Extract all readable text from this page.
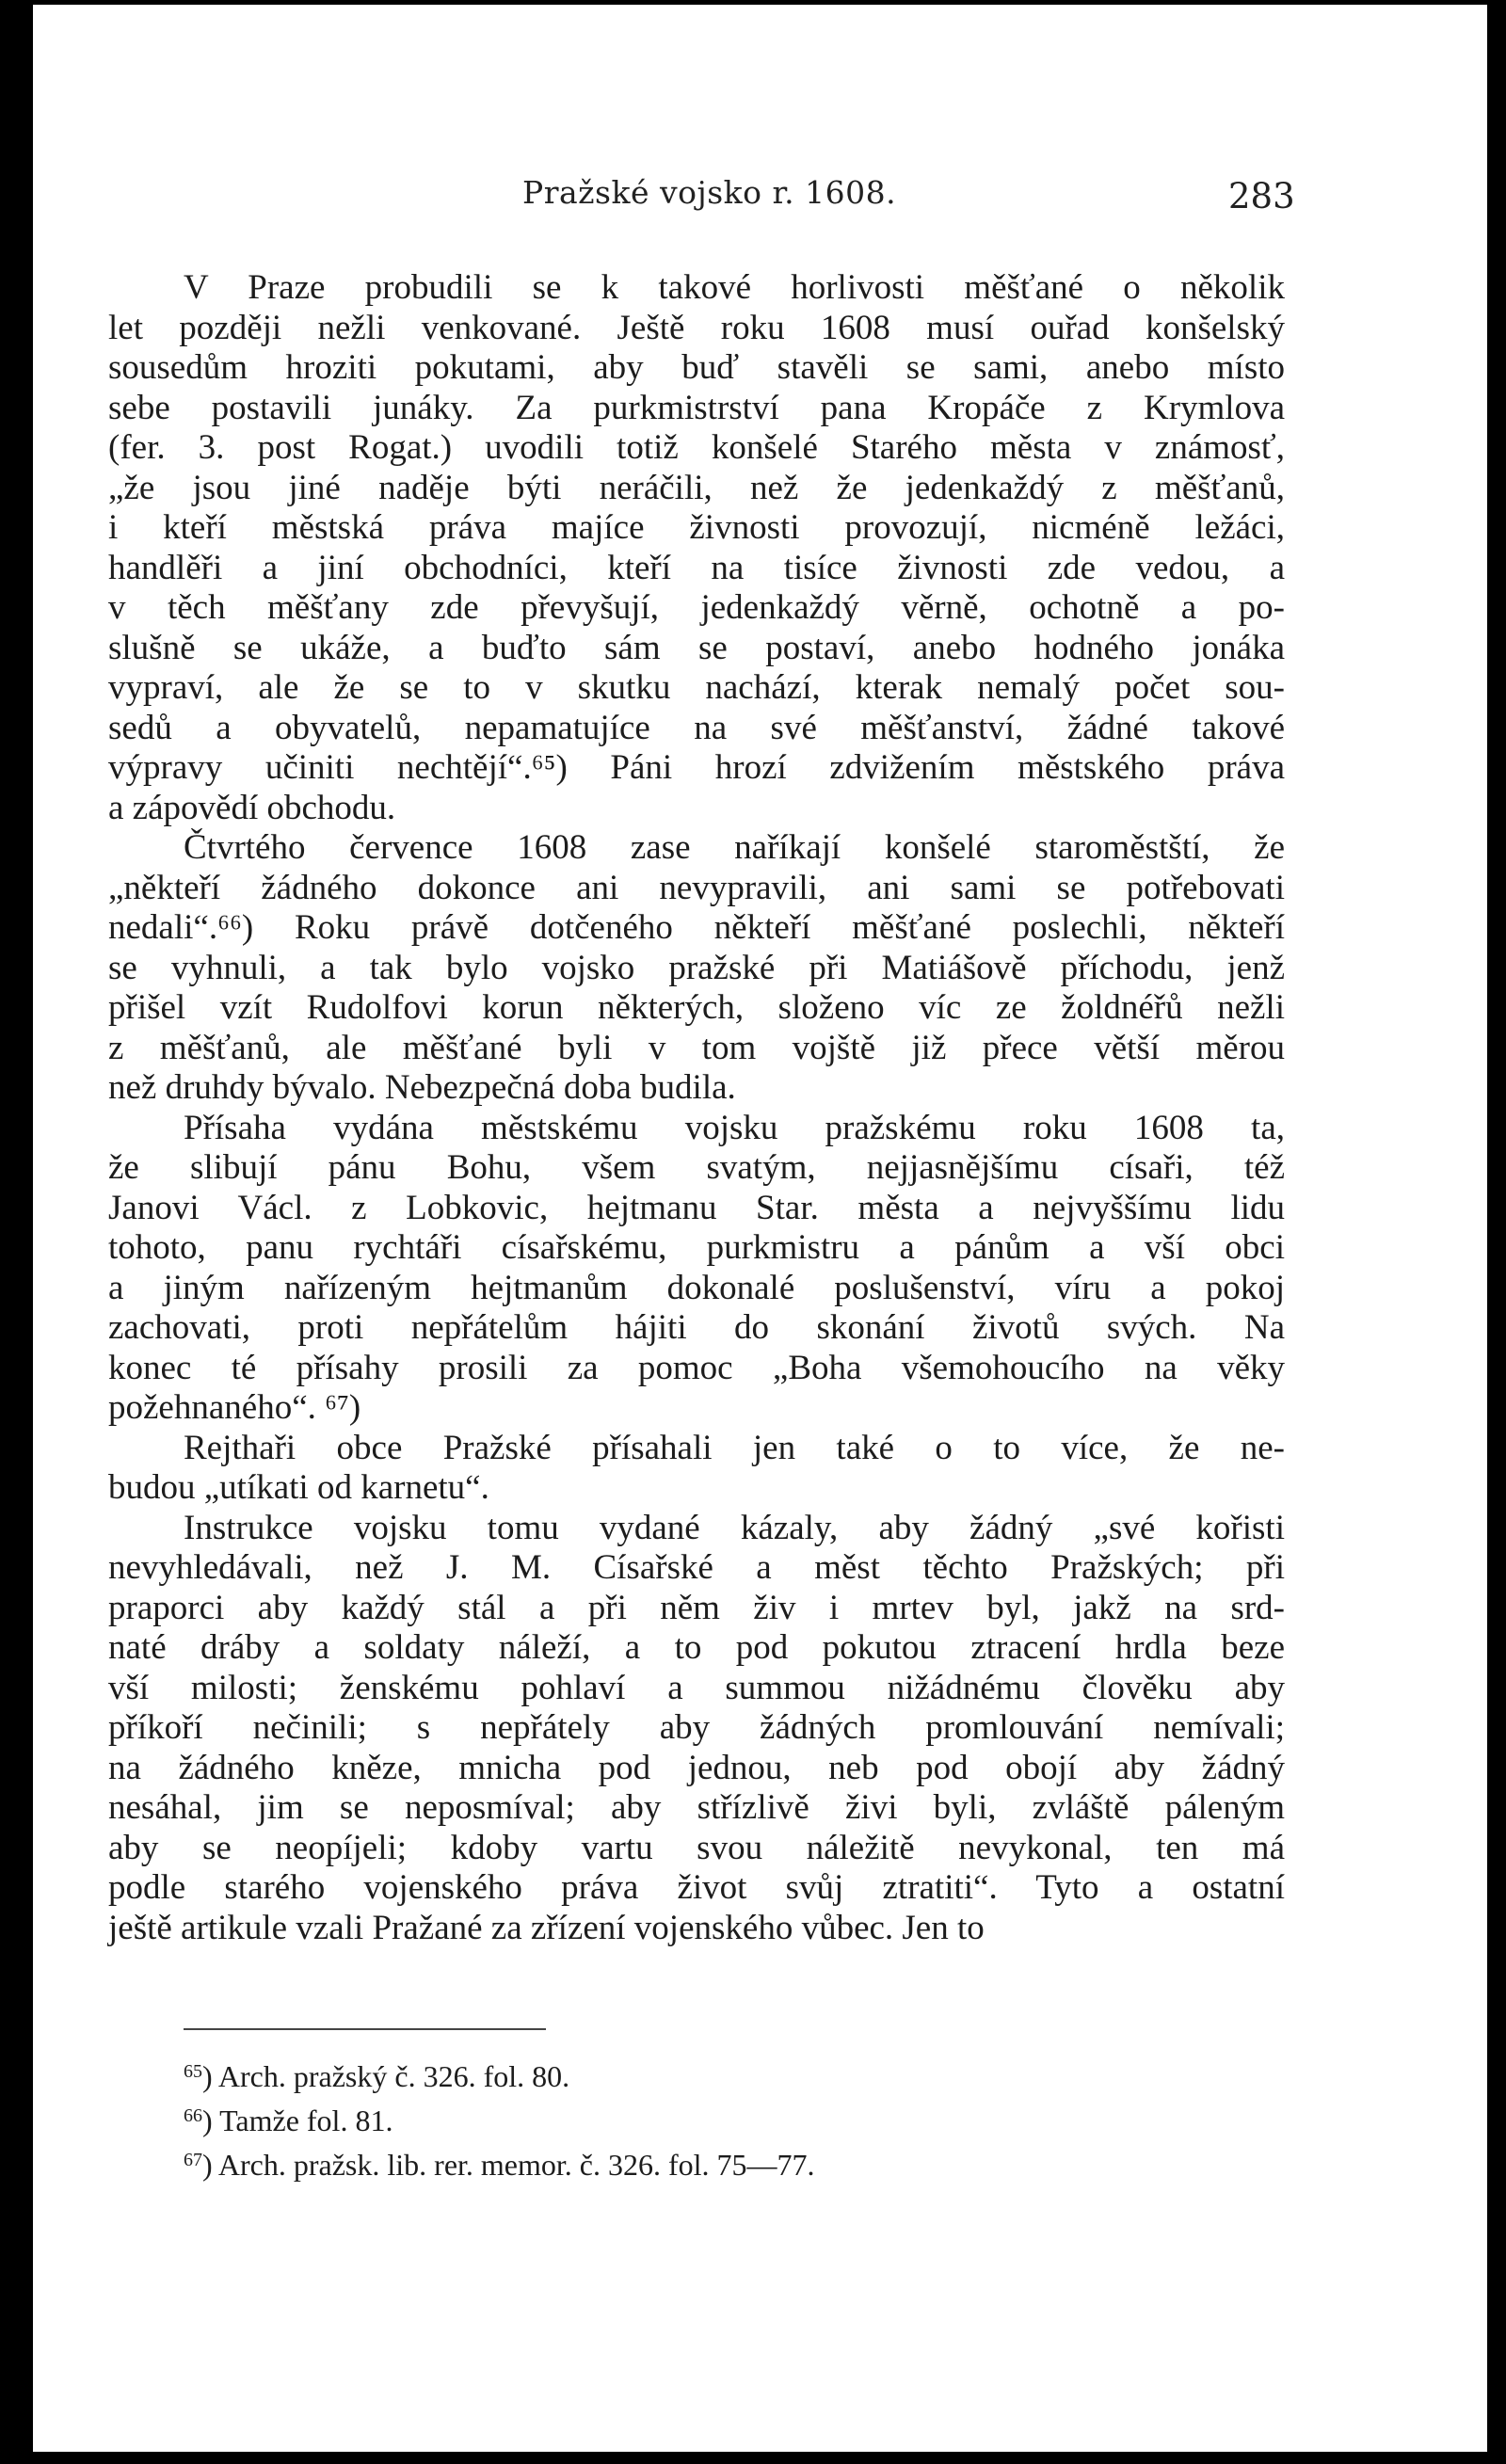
Pražské vojsko r. 1608.	283
V Praze probudili se k takové horlivosti měšťané o několik
let později nežli venkované. Ještě roku 1608 musí ouřad konšelský
sousedům hroziti pokutami, aby buď stavěli se sami, anebo místo
sebe postavili junáky. Za purkmistrství pana Kropáče z Krymlova
(fer. 3. post Rogat.) uvodili totiž konšelé Starého města v známosť,
„že jsou jiné naděje býti neráčili, než že jedenkaždý z měšťanů,
i kteří městská práva majíce živnosti provozují, nicméně ležáci,
handlěři a jiní obchodníci, kteří na tisíce živnosti zde vedou, a
v těch měšťany zde převyšují, jedenkaždý věrně, ochotně a po-
slušně se ukáže, a buďto sám se postaví, anebo hodného jonáka
vypraví, ale že se to v skutku nachází, kterak nemalý počet sou-
sedů a obyvatelů, nepamatujíce na své měšťanství, žádné takové
výpravy učiniti nechtějí“.⁶⁵) Páni hrozí zdvižením městského práva
a zápovědí obchodu.
Čtvrtého července 1608 zase naříkají konšelé staroměstští, že
„někteří žádného dokonce ani nevypravili, ani sami se potřebovati
nedali“.⁶⁶) Roku právě dotčeného někteří měšťané poslechli, někteří
se vyhnuli, a tak bylo vojsko pražské při Matiášově příchodu, jenž
přišel vzít Rudolfovi korun některých, složeno víc ze žoldnéřů nežli
z měšťanů, ale měšťané byli v tom vojště již přece větší měrou
než druhdy bývalo. Nebezpečná doba budila.
Přísaha vydána městskému vojsku pražskému roku 1608 ta,
že slibují pánu Bohu, všem svatým, nejjasnějšímu císaři, též
Janovi Václ. z Lobkovic, hejtmanu Star. města a nejvyššímu lidu
tohoto, panu rychtáři císařskému, purkmistru a pánům a vší obci
a jiným nařízeným hejtmanům dokonalé poslušenství, víru a pokoj
zachovati, proti nepřátelům hájiti do skonání životů svých. Na
konec té přísahy prosili za pomoc „Boha všemohoucího na věky
požehnaného“. ⁶⁷)
Rejthaři obce Pražské přísahali jen také o to více, že ne-
budou „utíkati od karnetu“.
Instrukce vojsku tomu vydané kázaly, aby žádný „své kořisti
nevyhledávali, než J. M. Císařské a měst těchto Pražských; při
praporci aby každý stál a při něm živ i mrtev byl, jakž na srd-
naté dráby a soldaty náleží, a to pod pokutou ztracení hrdla beze
vší milosti; ženskému pohlaví a summou nižádnému člověku aby
příkoří nečinili; s nepřátely aby žádných promlouvání nemívali;
na žádného kněze, mnicha pod jednou, neb pod obojí aby žádný
nesáhal, jim se neposmíval; aby střízlivě živi byli, zvláště páleným
aby se neopíjeli; kdoby vartu svou náležitě nevykonal, ten má
podle starého vojenského práva život svůj ztratiti“. Tyto a ostatní
ještě artikule vzali Pražané za zřízení vojenského vůbec. Jen to
$^{65}$) Arch. pražský č. 326. fol. 80.
$^{66}$) Tamže fol. 81.
$^{67}$) Arch. pražsk. lib. rer. memor. č. 326. fol. 75—77.
